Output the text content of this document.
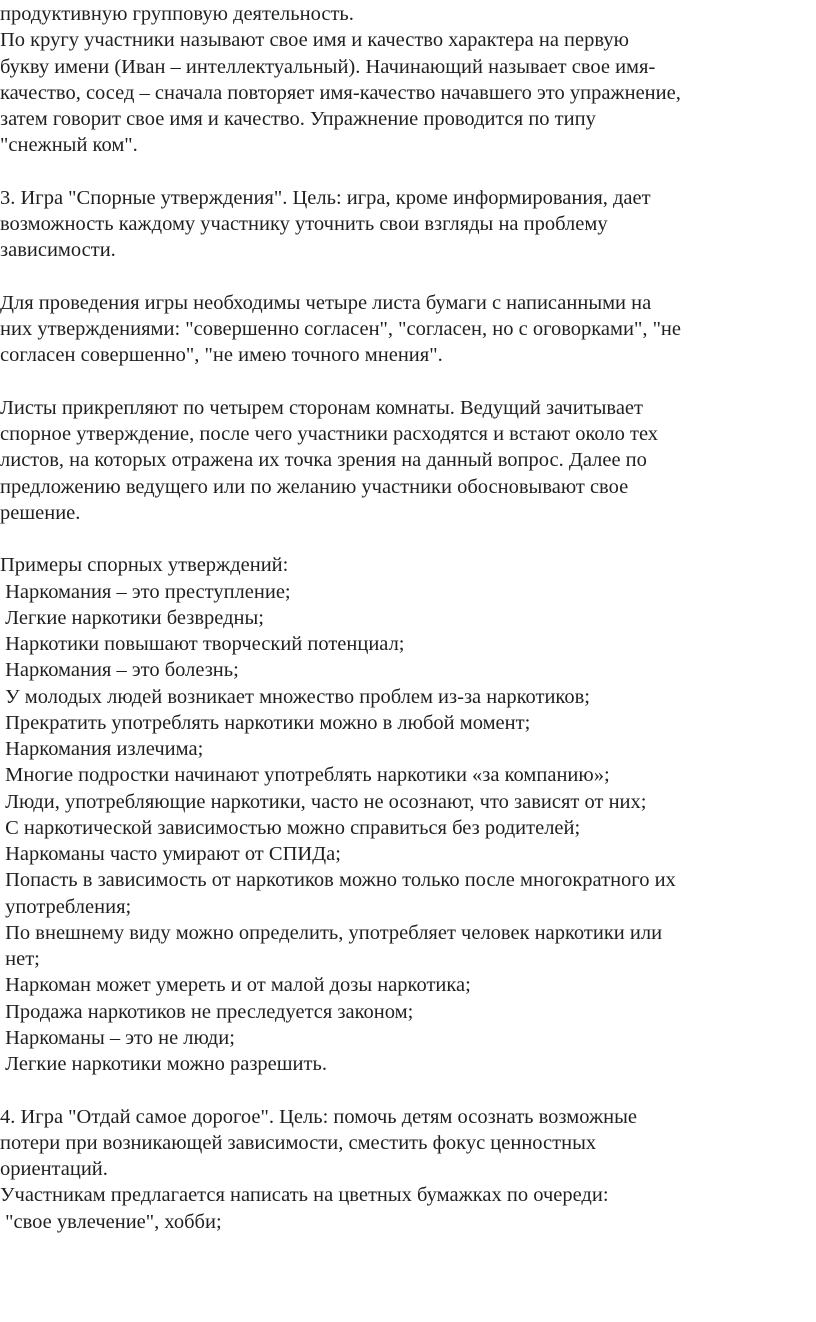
продуктивную групповую деятельность.
По кругу участники называют свое имя и качество характера на первую
букву имени (Иван – интеллектуальный). Начинающий называет свое имя-
качество, сосед – сначала повторяет имя-качество начавшего это упражнение,
затем говорит свое имя и качество. Упражнение проводится по типу
"снежный ком".
3. Игра "Спорные утверждения". Цель: игра, кроме информирования, дает
возможность каждому участнику уточнить свои взгляды на проблему
зависимости.
Для проведения игры необходимы четыре листа бумаги с написанными на
них утверждениями: "совершенно согласен", "согласен, но с оговорками", "не
согласен совершенно", "не имею точного мнения".
Листы прикрепляют по четырем сторонам комнаты. Ведущий зачитывает
спорное утверждение, после чего участники расходятся и встают около тех
листов, на которых отражена их точка зрения на данный вопрос. Далее по
предложению ведущего или по желанию участники обосновывают свое
решение.
Примеры спорных утверждений:
Наркомания – это преступление;
Легкие наркотики безвредны;
Наркотики повышают творческий потенциал;
Наркомания – это болезнь;
У молодых людей возникает множество проблем из-за наркотиков;
Прекратить употреблять наркотики можно в любой момент;
Наркомания излечима;
Многие подростки начинают употреблять наркотики «за компанию»;
Люди, употребляющие наркотики, часто не осознают, что зависят от них;
С наркотической зависимостью можно справиться без родителей;
Наркоманы часто умирают от СПИДа;
Попасть в зависимость от наркотиков можно только после многократного их
употребления;
По внешнему виду можно определить, употребляет человек наркотики или
нет;
Наркоман может умереть и от малой дозы наркотика;
Продажа наркотиков не преследуется законом;
Наркоманы – это не люди;
Легкие наркотики можно разрешить.
4. Игра "Отдай самое дорогое". Цель: помочь детям осознать возможные
потери при возникающей зависимости, сместить фокус ценностных
ориентаций.
Участникам предлагается написать на цветных бумажках по очереди:
"свое увлечение", хобби;
